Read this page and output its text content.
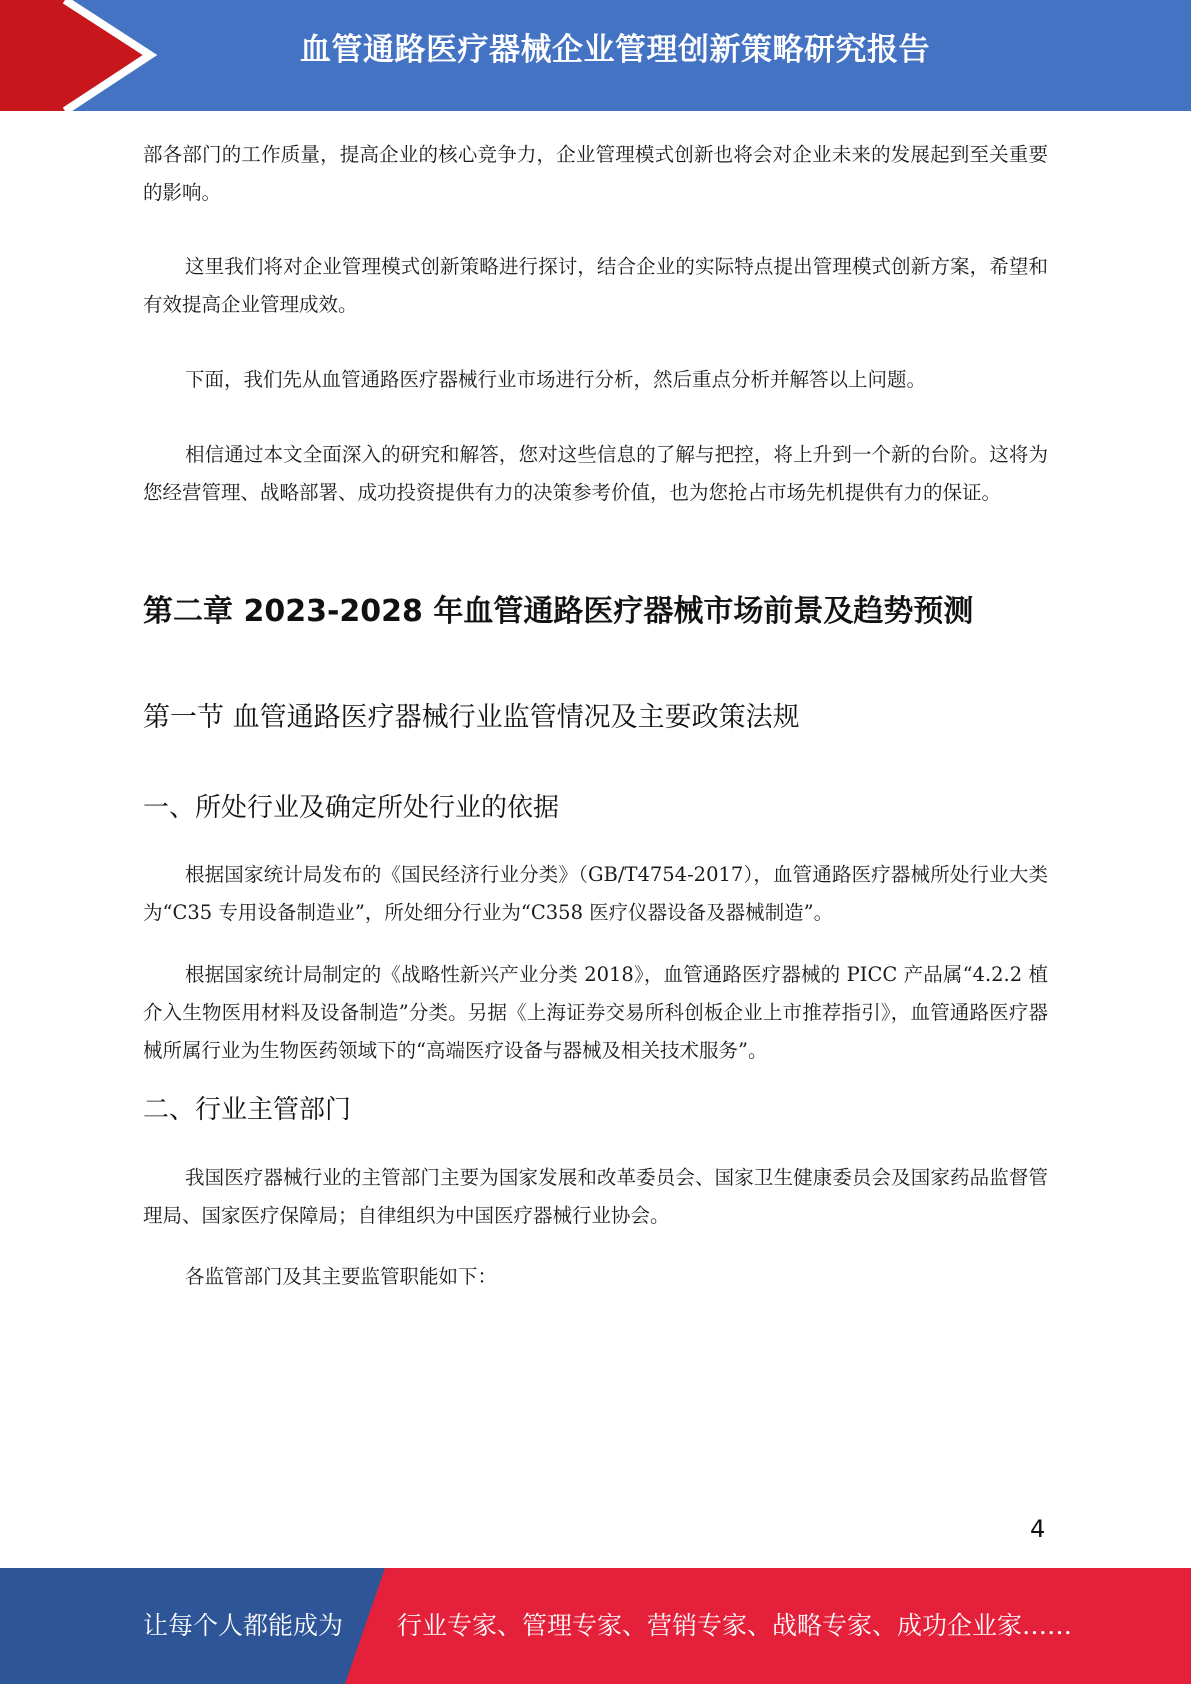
血管通路医疗器械企业管理创新策略研究报告

部各部门的工作质量，提高企业的核心竞争力，企业管理模式创新也将会对企业未来的发展起到至关重要的影响。

这里我们将对企业管理模式创新策略进行探讨，结合企业的实际特点提出管理模式创新方案，希望和有效提高企业管理成效。

下面，我们先从血管通路医疗器械行业市场进行分析，然后重点分析并解答以上问题。

相信通过本文全面深入的研究和解答，您对这些信息的了解与把控，将上升到一个新的台阶。这将为您经营管理、战略部署、成功投资提供有力的决策参考价值，也为您抢占市场先机提供有力的保证。

第二章 2023-2028 年血管通路医疗器械市场前景及趋势预测
第一节 血管通路医疗器械行业监管情况及主要政策法规
一、所处行业及确定所处行业的依据

根据国家统计局发布的《国民经济行业分类》（GB/T4754-2017），血管通路医疗器械所处行业大类为“C35 专用设备制造业”，所处细分行业为“C358 医疗仪器设备及器械制造”。

根据国家统计局制定的《战略性新兴产业分类 2018》，血管通路医疗器械的 PICC 产品属“4.2.2 植介入生物医用材料及设备制造”分类。另据《上海证券交易所科创板企业上市推荐指引》，血管通路医疗器械所属行业为生物医药领域下的“高端医疗设备与器械及相关技术服务”。

二、行业主管部门

我国医疗器械行业的主管部门主要为国家发展和改革委员会、国家卫生健康委员会及国家药品监督管理局、国家医疗保障局；自律组织为中国医疗器械行业协会。

各监管部门及其主要监管职能如下：

4
让每个人都能成为 行业专家、管理专家、营销专家、战略专家、成功企业家……
